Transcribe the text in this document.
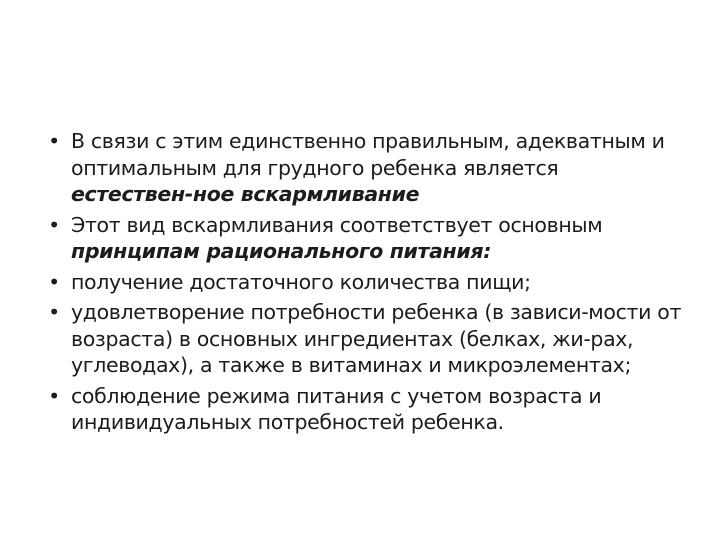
• В связи с этим единственно правильным, адекватным и оптимальным для грудного ребенка является естествен-ное вскармливание
• Этот вид вскармливания соответствует основным принципам рационального питания:
• получение достаточного количества пищи;
• удовлетворение потребности ребенка (в зависи-мости от возраста) в основных ингредиентах (белках, жи-рах, углеводах), а также в витаминах и микроэлементах;
• соблюдение режима питания с учетом возраста и индивидуальных потребностей ребенка.
